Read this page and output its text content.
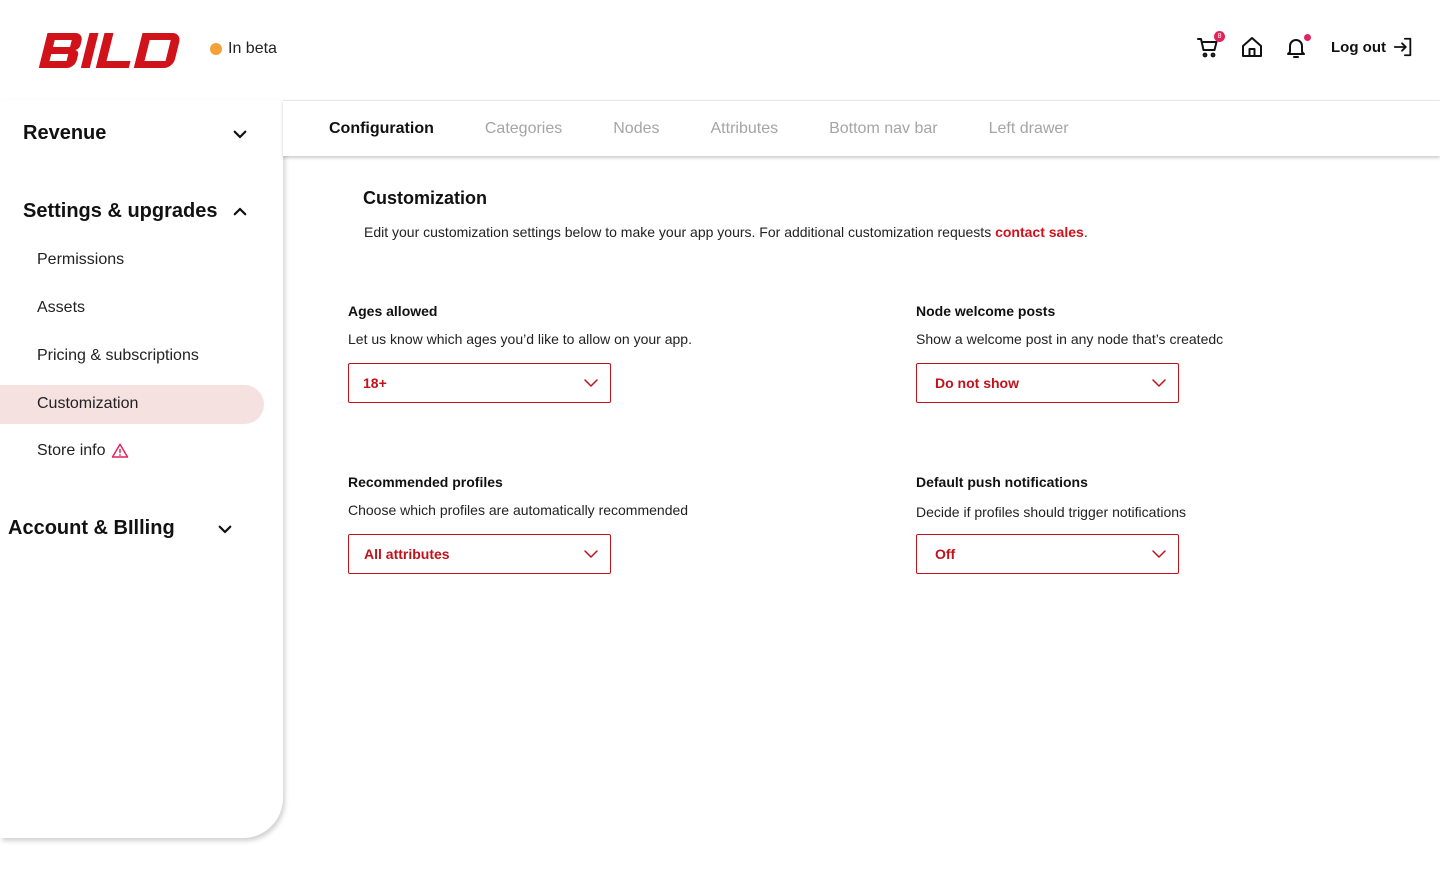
In beta
8
Log out
Revenue
Settings & upgrades
Permissions
Assets
Pricing & subscriptions
Customization
Store info
Account & BIlling
Configuration	Categories	Nodes	Attributes	Bottom nav bar	Left drawer
Customization
Edit your customization settings below to make your app yours. For additional customization requests contact sales.
Ages allowed
Let us know which ages you’d like to allow on your app.
18+
Node welcome posts
Show a welcome post in any node that’s createdc
Do not show
Recommended profiles
Choose which profiles are automatically recommended
All attributes
Default push notifications
Decide if profiles should trigger notifications
Off
